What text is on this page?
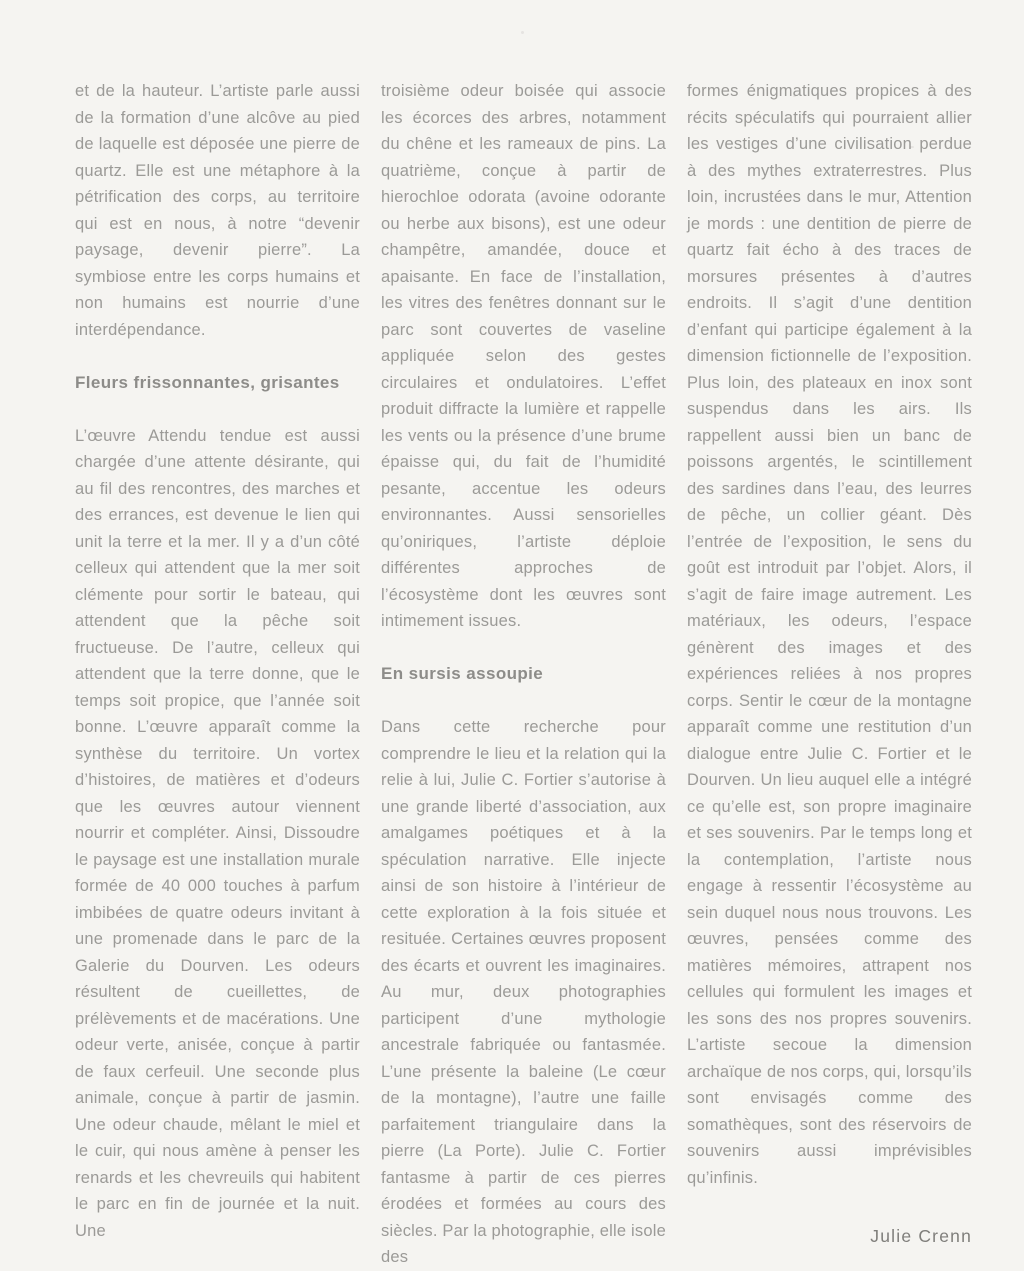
et de la hauteur. L’artiste parle aussi de la formation d’une alcôve au pied de laquelle est déposée une pierre de quartz. Elle est une métaphore à la pétrification des corps, au territoire qui est en nous, à notre “devenir paysage, devenir pierre”. La symbiose entre les corps humains et non humains est nourrie d’une interdépendance.

Fleurs frissonnantes, grisantes

L’œuvre Attendu tendue est aussi chargée d’une attente désirante, qui au fil des rencontres, des marches et des errances, est devenue le lien qui unit la terre et la mer. Il y a d’un côté celleux qui attendent que la mer soit clémente pour sortir le bateau, qui attendent que la pêche soit fructueuse. De l’autre, celleux qui attendent que la terre donne, que le temps soit propice, que l’année soit bonne. L’œuvre apparaît comme la synthèse du territoire. Un vortex d’histoires, de matières et d’odeurs que les œuvres autour viennent nourrir et compléter. Ainsi, Dissoudre le paysage est une installation murale formée de 40 000 touches à parfum imbibées de quatre odeurs invitant à une promenade dans le parc de la Galerie du Dourven. Les odeurs résultent de cueillettes, de prélèvements et de macérations. Une odeur verte, anisée, conçue à partir de faux cerfeuil. Une seconde plus animale, conçue à partir de jasmin. Une odeur chaude, mêlant le miel et le cuir, qui nous amène à penser les renards et les chevreuils qui habitent le parc en fin de journée et la nuit. Une

troisième odeur boisée qui associe les écorces des arbres, notamment du chêne et les rameaux de pins. La quatrième, conçue à partir de hierochloe odorata (avoine odorante ou herbe aux bisons), est une odeur champêtre, amandée, douce et apaisante. En face de l’installation, les vitres des fenêtres donnant sur le parc sont couvertes de vaseline appliquée selon des gestes circulaires et ondulatoires. L’effet produit diffracte la lumière et rappelle les vents ou la présence d’une brume épaisse qui, du fait de l’humidité pesante, accentue les odeurs environnantes. Aussi sensorielles qu’oniriques, l’artiste déploie différentes approches de l’écosystème dont les œuvres sont intimement issues.

En sursis assoupie

Dans cette recherche pour comprendre le lieu et la relation qui la relie à lui, Julie C. Fortier s’autorise à une grande liberté d’association, aux amalgames poétiques et à la spéculation narrative. Elle injecte ainsi de son histoire à l’intérieur de cette exploration à la fois située et resituée. Certaines œuvres proposent des écarts et ouvrent les imaginaires. Au mur, deux photographies participent d’une mythologie ancestrale fabriquée ou fantasmée. L’une présente la baleine (Le cœur de la montagne), l’autre une faille parfaitement triangulaire dans la pierre (La Porte). Julie C. Fortier fantasme à partir de ces pierres érodées et formées au cours des siècles. Par la photographie, elle isole des

formes énigmatiques propices à des récits spéculatifs qui pourraient allier les vestiges d’une civilisation perdue à des mythes extraterrestres. Plus loin, incrustées dans le mur, Attention je mords : une dentition de pierre de quartz fait écho à des traces de morsures présentes à d’autres endroits. Il s’agit d’une dentition d’enfant qui participe également à la dimension fictionnelle de l’exposition. Plus loin, des plateaux en inox sont suspendus dans les airs. Ils rappellent aussi bien un banc de poissons argentés, le scintillement des sardines dans l’eau, des leurres de pêche, un collier géant. Dès l’entrée de l’exposition, le sens du goût est introduit par l’objet. Alors, il s’agit de faire image autrement. Les matériaux, les odeurs, l’espace génèrent des images et des expériences reliées à nos propres corps. Sentir le cœur de la montagne apparaît comme une restitution d’un dialogue entre Julie C. Fortier et le Dourven. Un lieu auquel elle a intégré ce qu’elle est, son propre imaginaire et ses souvenirs. Par le temps long et la contemplation, l’artiste nous engage à ressentir l’écosystème au sein duquel nous nous trouvons. Les œuvres, pensées comme des matières mémoires, attrapent nos cellules qui formulent les images et les sons des nos propres souvenirs. L’artiste secoue la dimension archaïque de nos corps, qui, lorsqu’ils sont envisagés comme des somathèques, sont des réservoirs de souvenirs aussi imprévisibles qu’infinis.

Julie Crenn
